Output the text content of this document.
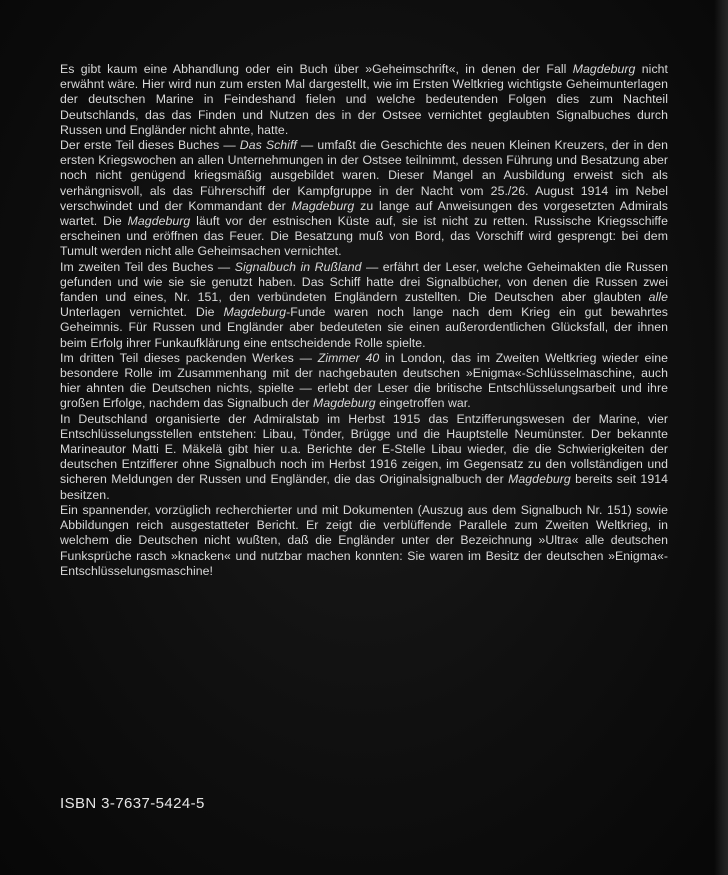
Es gibt kaum eine Abhandlung oder ein Buch über »Geheimschrift«, in denen der Fall Magdeburg nicht erwähnt wäre. Hier wird nun zum ersten Mal dargestellt, wie im Ersten Weltkrieg wichtigste Geheimunterlagen der deutschen Marine in Feindeshand fielen und welche bedeutenden Folgen dies zum Nachteil Deutschlands, das das Finden und Nutzen des in der Ostsee vernichtet geglaubten Signalbuches durch Russen und Engländer nicht ahnte, hatte.

Der erste Teil dieses Buches — Das Schiff — umfaßt die Geschichte des neuen Kleinen Kreuzers, der in den ersten Kriegswochen an allen Unternehmungen in der Ostsee teilnimmt, dessen Führung und Besatzung aber noch nicht genügend kriegsmäßig ausgebildet waren. Dieser Mangel an Ausbildung erweist sich als verhängnisvoll, als das Führerschiff der Kampfgruppe in der Nacht vom 25./26. August 1914 im Nebel verschwindet und der Kommandant der Magdeburg zu lange auf Anweisungen des vorgesetzten Admirals wartet. Die Magdeburg läuft vor der estnischen Küste auf, sie ist nicht zu retten. Russische Kriegsschiffe erscheinen und eröffnen das Feuer. Die Besatzung muß von Bord, das Vorschiff wird gesprengt: bei dem Tumult werden nicht alle Geheimsachen vernichtet.

Im zweiten Teil des Buches — Signalbuch in Rußland — erfährt der Leser, welche Geheimakten die Russen gefunden und wie sie sie genutzt haben. Das Schiff hatte drei Signalbücher, von denen die Russen zwei fanden und eines, Nr. 151, den verbündeten Engländern zustellten. Die Deutschen aber glaubten alle Unterlagen vernichtet. Die Magdeburg-Funde waren noch lange nach dem Krieg ein gut bewahrtes Geheimnis. Für Russen und Engländer aber bedeuteten sie einen außerordentlichen Glücksfall, der ihnen beim Erfolg ihrer Funkaufklärung eine entscheidende Rolle spielte.

Im dritten Teil dieses packenden Werkes — Zimmer 40 in London, das im Zweiten Weltkrieg wieder eine besondere Rolle im Zusammenhang mit der nachgebauten deutschen »Enigma«-Schlüsselmaschine, auch hier ahnten die Deutschen nichts, spielte — erlebt der Leser die britische Entschlüsselungsarbeit und ihre großen Erfolge, nachdem das Signalbuch der Magdeburg eingetroffen war.

In Deutschland organisierte der Admiralstab im Herbst 1915 das Entzifferungswesen der Marine, vier Entschlüsselungsstellen entstehen: Libau, Tönder, Brügge und die Hauptstelle Neumünster. Der bekannte Marineautor Matti E. Mäkelä gibt hier u.a. Berichte der E-Stelle Libau wieder, die die Schwierigkeiten der deutschen Entzifferer ohne Signalbuch noch im Herbst 1916 zeigen, im Gegensatz zu den vollständigen und sicheren Meldungen der Russen und Engländer, die das Originalsignalbuch der Magdeburg bereits seit 1914 besitzen.

Ein spannender, vorzüglich recherchierter und mit Dokumenten (Auszug aus dem Signalbuch Nr. 151) sowie Abbildungen reich ausgestatteter Bericht. Er zeigt die verblüffende Parallele zum Zweiten Weltkrieg, in welchem die Deutschen nicht wußten, daß die Engländer unter der Bezeichnung »Ultra« alle deutschen Funksprüche rasch »knacken« und nutzbar machen konnten: Sie waren im Besitz der deutschen »Enigma«-Entschlüsselungsmaschine!

ISBN 3-7637-5424-5
